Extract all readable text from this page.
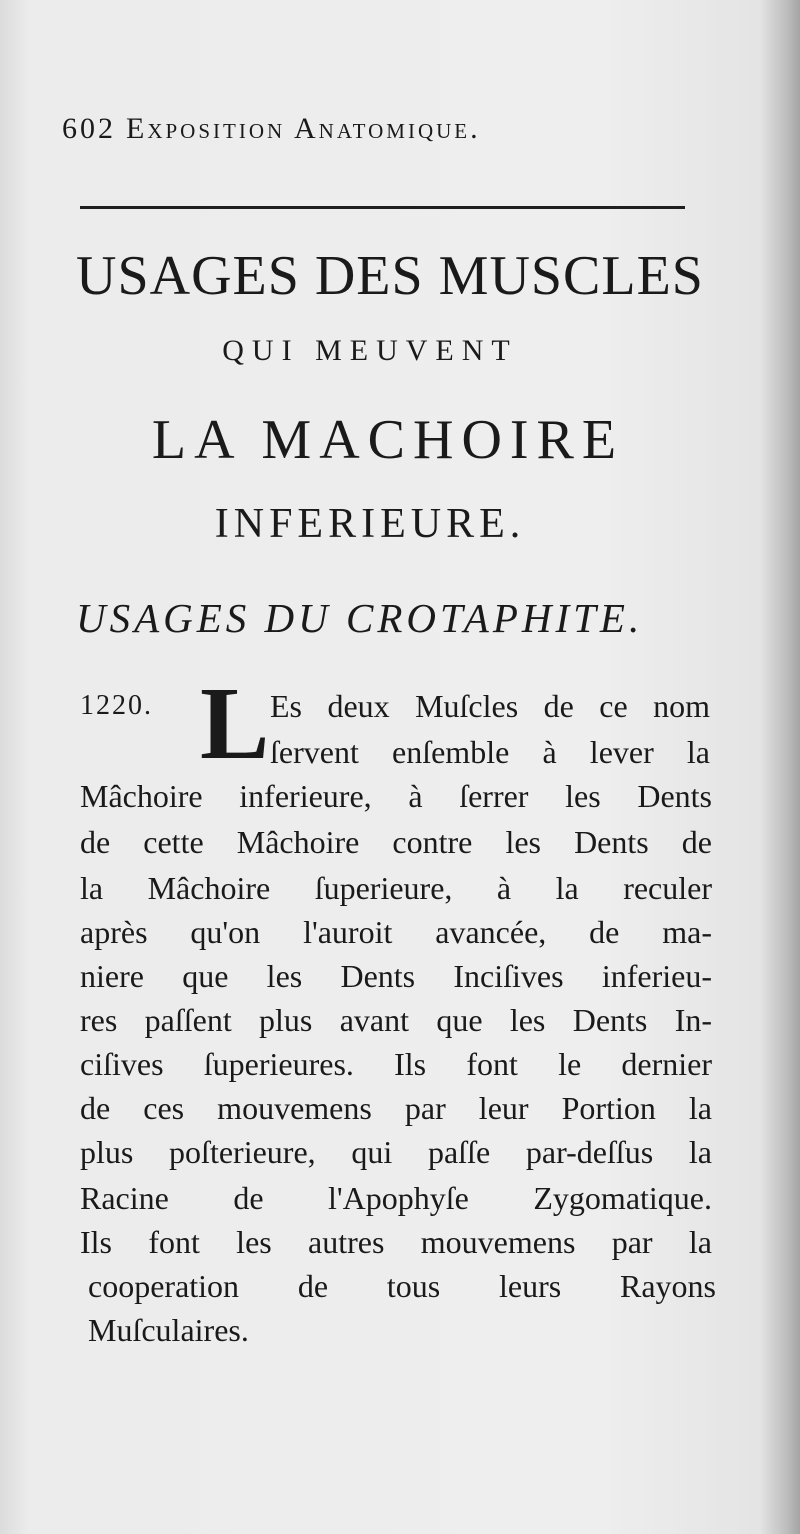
602 Exposition Anatomique.
USAGES DES MUSCLES
QUI MEUVENT
LA MACHOIRE
INFERIEURE.
USAGES DU CROTAPHITE.
1220. L Es deux Muſcles de ce nom
ſervent enſemble à lever la
Mâchoire inferieure, à ſerrer les Dents
de cette Mâchoire contre les Dents de
la Mâchoire ſuperieure, à la reculer
après qu'on l'auroit avancée, de ma-
niere que les Dents Inciſives inferieu-
res paſſent plus avant que les Dents In-
ciſives ſuperieures. Ils font le dernier
de ces mouvemens par leur Portion la
plus poſterieure, qui paſſe par-deſſus la
Racine de l'Apophyſe Zygomatique.
Ils font les autres mouvemens par la
cooperation de tous leurs Rayons
Muſculaires.
